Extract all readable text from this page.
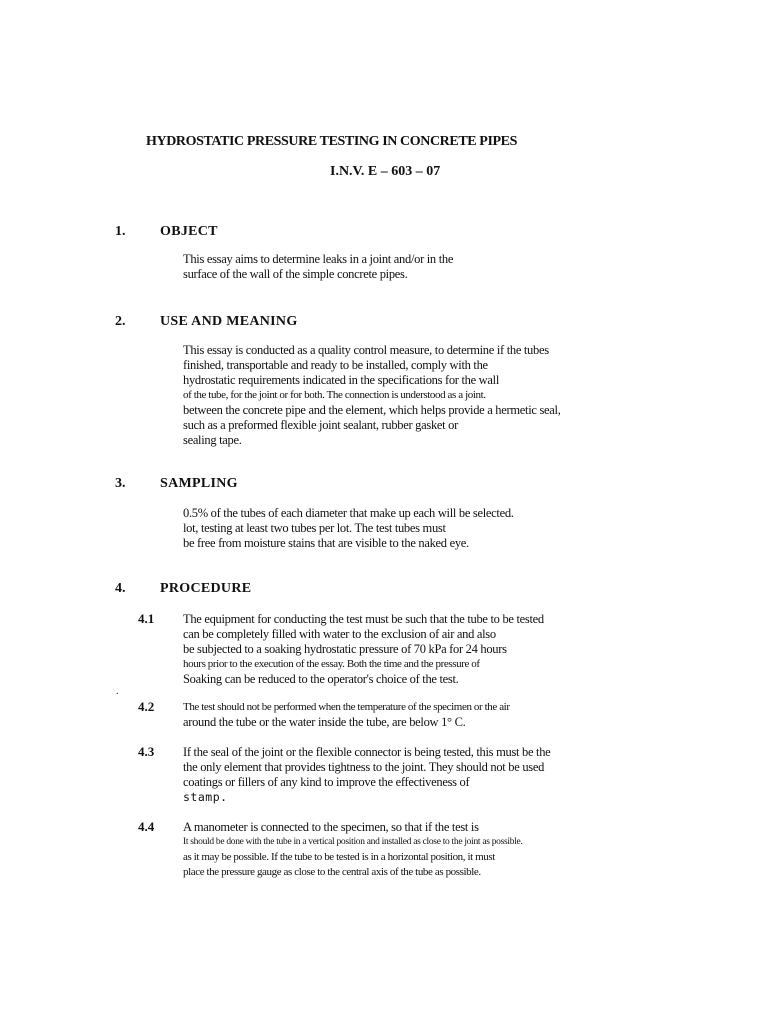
HYDROSTATIC PRESSURE TESTING IN CONCRETE PIPES
I.N.V. E – 603 – 07
1. OBJECT
This essay aims to determine leaks in a joint and/or in the
surface of the wall of the simple concrete pipes.
2. USE AND MEANING
This essay is conducted as a quality control measure, to determine if the tubes
finished, transportable and ready to be installed, comply with the
hydrostatic requirements indicated in the specifications for the wall
of the tube, for the joint or for both. The connection is understood as a joint.
between the concrete pipe and the element, which helps provide a hermetic seal,
such as a preformed flexible joint sealant, rubber gasket or
sealing tape.
3. SAMPLING
0.5% of the tubes of each diameter that make up each will be selected.
lot, testing at least two tubes per lot. The test tubes must
be free from moisture stains that are visible to the naked eye.
4. PROCEDURE
4.1 The equipment for conducting the test must be such that the tube to be tested
can be completely filled with water to the exclusion of air and also
be subjected to a soaking hydrostatic pressure of 70 kPa for 24 hours
hours prior to the execution of the essay. Both the time and the pressure of
Soaking can be reduced to the operator's choice of the test.
.
4.2	The test should not be performed when the temperature of the specimen or the air
around the tube or the water inside the tube, are below 1° C.
4.3 If the seal of the joint or the flexible connector is being tested, this must be the
the only element that provides tightness to the joint. They should not be used
coatings or fillers of any kind to improve the effectiveness of
stamp.
4.4 A manometer is connected to the specimen, so that if the test is
It should be done with the tube in a vertical position and installed as close to the joint as possible.
as it may be possible. If the tube to be tested is in a horizontal position, it must
place the pressure gauge as close to the central axis of the tube as possible.
